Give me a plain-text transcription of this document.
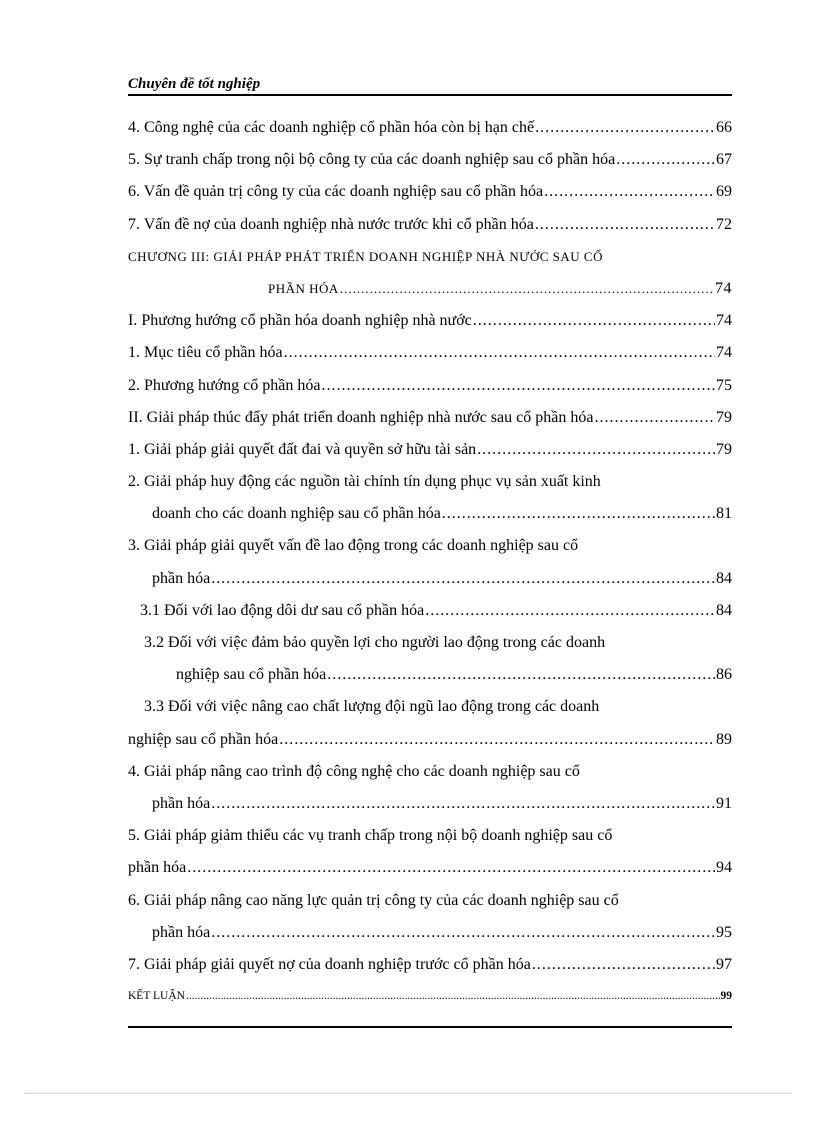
Chuyên đề tốt nghiệp
4. Công nghệ của các doanh nghiệp cổ phần hóa còn bị hạn chế .....	66
5. Sự tranh chấp trong nội bộ công ty của các doanh nghiệp sau cổ phần hóa .....	67
6. Vấn đề quản trị công ty của các doanh nghiệp sau cổ phần hóa .....	69
7. Vấn đề nợ của doanh nghiệp nhà nước trước khi cổ phần hóa .....	72
CHƯƠNG III: GIẢI PHÁP PHÁT TRIỂN DOANH NGHIỆP NHÀ NƯỚC SAU CỔ
PHẦN HÓA .....	74
I. Phương hướng cổ phần hóa doanh nghiệp nhà nước .....	74
1. Mục tiêu cổ phần hóa .....	74
2. Phương hướng cổ phần hóa .....	75
II. Giải pháp thúc đẩy phát triển doanh nghiệp nhà nước sau cổ phần hóa .....	79
1. Giải pháp giải quyết đất đai và quyền sở hữu tài sản .....	79
2. Giải pháp huy động các nguồn tài chính tín dụng phục vụ sản xuất kinh
doanh cho các doanh nghiệp sau cổ phần hóa .....	81
3. Giải pháp giải quyết vấn đề lao động trong các doanh nghiệp sau cổ
phần hóa .....	84
3.1 Đối với lao động dôi dư sau cổ phần hóa .....	84
3.2 Đối với việc đảm bảo quyền lợi cho người lao động trong các doanh
nghiệp sau cổ phần hóa .....	86
3.3 Đối với việc nâng cao chất lượng đội ngũ lao động trong các doanh
nghiệp sau cổ phần hóa .....	89
4. Giải pháp nâng cao trình độ công nghệ cho các doanh nghiệp sau cổ
phần hóa .....	91
5. Giải pháp giảm thiểu các vụ tranh chấp trong nội bộ doanh nghiệp sau cổ
phần hóa .....	94
6. Giải pháp nâng cao năng lực quản trị công ty của các doanh nghiệp sau cổ
phần hóa .....	95
7. Giải pháp giải quyết nợ của doanh nghiệp trước cổ phần hóa .....	97
KẾT LUẬN .....	99
